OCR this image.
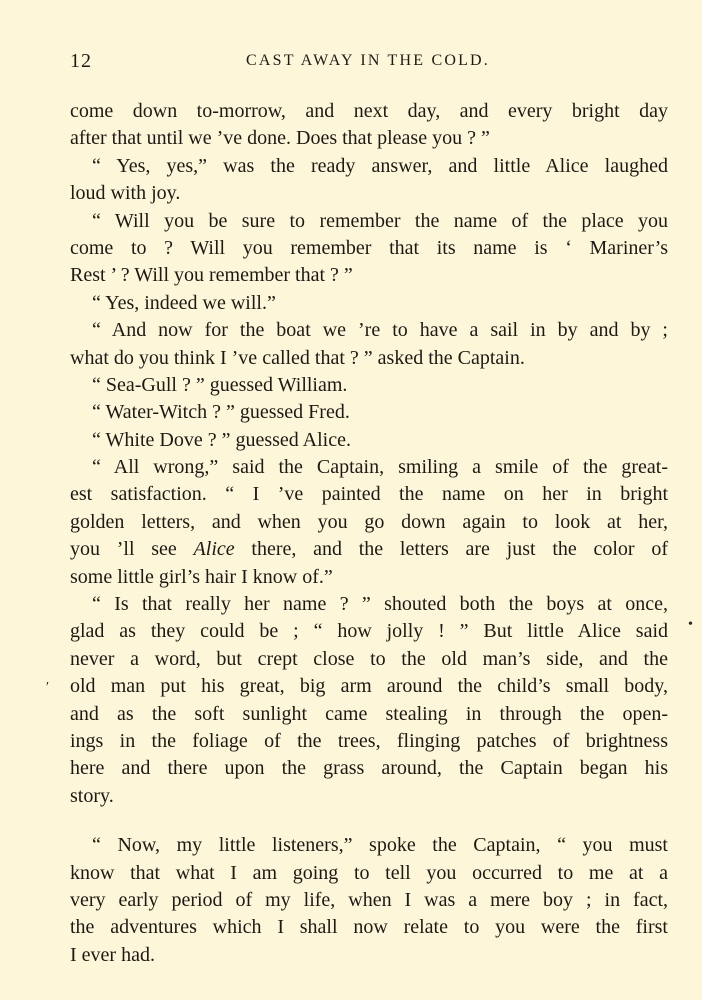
12	CAST AWAY IN THE COLD.
come down to-morrow, and next day, and every bright day
after that until we ’ve done. Does that please you ? ”
“ Yes, yes,” was the ready answer, and little Alice laughed
loud with joy.
“ Will you be sure to remember the name of the place you
come to ? Will you remember that its name is ‘ Mariner’s
Rest ’ ? Will you remember that ? ”
“ Yes, indeed we will.”
“ And now for the boat we ’re to have a sail in by and by ;
what do you think I ’ve called that ? ” asked the Captain.
“ Sea-Gull ? ” guessed William.
“ Water-Witch ? ” guessed Fred.
“ White Dove ? ” guessed Alice.
“ All wrong,” said the Captain, smiling a smile of the great-
est satisfaction. “ I ’ve painted the name on her in bright
golden letters, and when you go down again to look at her,
you ’ll see Alice there, and the letters are just the color of
some little girl’s hair I know of.”
“ Is that really her name ? ” shouted both the boys at once,
glad as they could be ; “ how jolly ! ” But little Alice said
never a word, but crept close to the old man’s side, and the
old man put his great, big arm around the child’s small body,
and as the soft sunlight came stealing in through the open-
ings in the foliage of the trees, flinging patches of brightness
here and there upon the grass around, the Captain began his
story.
“ Now, my little listeners,” spoke the Captain, “ you must
know that what I am going to tell you occurred to me at a
very early period of my life, when I was a mere boy ; in fact,
the adventures which I shall now relate to you were the first
I ever had.
•
′
